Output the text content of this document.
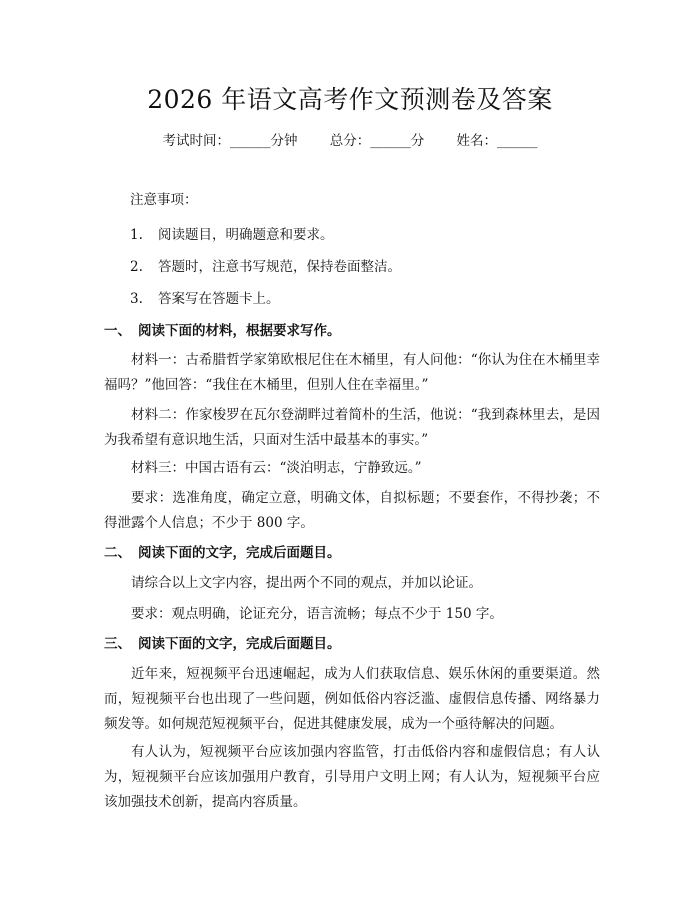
2026 年语文高考作文预测卷及答案
考试时间：______分钟 总分：______分 姓名：______
注意事项：
1. 阅读题目，明确题意和要求。
2. 答题时，注意书写规范，保持卷面整洁。
3. 答案写在答题卡上。
一、 阅读下面的材料，根据要求写作。
材料一：古希腊哲学家第欧根尼住在木桶里，有人问他：“你认为住在木桶里幸福吗？”他回答：“我住在木桶里，但别人住在幸福里。”
材料二：作家梭罗在瓦尔登湖畔过着简朴的生活，他说：“我到森林里去，是因为我希望有意识地生活，只面对生活中最基本的事实。”
材料三：中国古语有云：“淡泊明志，宁静致远。”
要求：选准角度，确定立意，明确文体，自拟标题；不要套作，不得抄袭；不得泄露个人信息；不少于 800 字。
二、 阅读下面的文字，完成后面题目。
请综合以上文字内容，提出两个不同的观点，并加以论证。
要求：观点明确，论证充分，语言流畅；每点不少于 150 字。
三、 阅读下面的文字，完成后面题目。
近年来，短视频平台迅速崛起，成为人们获取信息、娱乐休闲的重要渠道。然而，短视频平台也出现了一些问题，例如低俗内容泛滥、虚假信息传播、网络暴力频发等。如何规范短视频平台，促进其健康发展，成为一个亟待解决的问题。
有人认为，短视频平台应该加强内容监管，打击低俗内容和虚假信息；有人认为，短视频平台应该加强用户教育，引导用户文明上网；有人认为，短视频平台应该加强技术创新，提高内容质量。
